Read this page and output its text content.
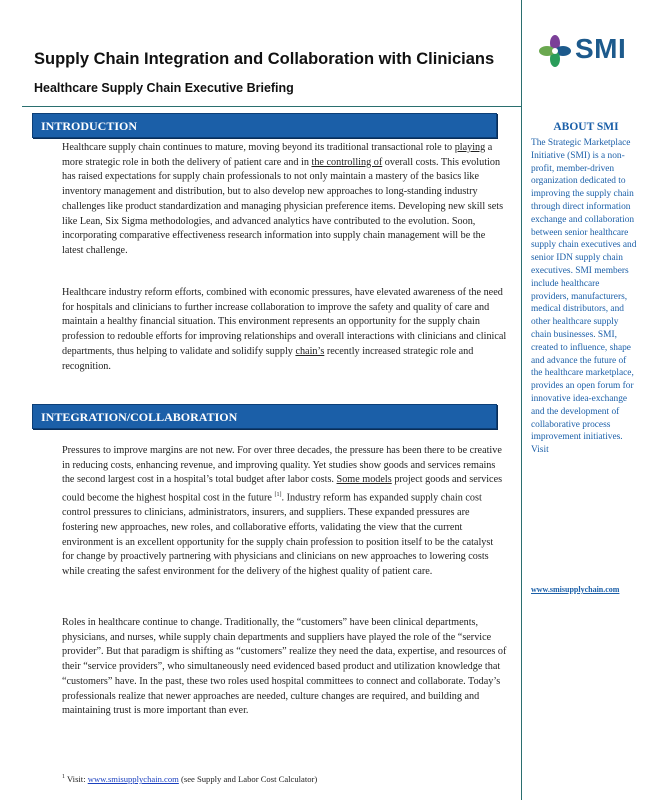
Supply Chain Integration and Collaboration with Clinicians
Healthcare Supply Chain Executive Briefing
SMI
INTRODUCTION
Healthcare supply chain continues to mature, moving beyond its traditional transactional role to playing a more strategic role in both the delivery of patient care and in the controlling of overall costs. This evolution has raised expectations for supply chain professionals to not only maintain a mastery of the basics like inventory management and distribution, but to also develop new approaches to long-standing industry challenges like product standardization and managing physician preference items. Developing new skill sets like Lean, Six Sigma methodologies, and advanced analytics have contributed to the evolution. Soon, incorporating comparative effectiveness research information into supply chain management will be the latest challenge.
Healthcare industry reform efforts, combined with economic pressures, have elevated awareness of the need for hospitals and clinicians to further increase collaboration to improve the safety and quality of care and maintain a healthy financial situation. This environment represents an opportunity for the supply chain profession to redouble efforts for improving relationships and overall interactions with clinicians and clinical departments, thus helping to validate and solidify supply chain’s recently increased strategic role and recognition.
INTEGRATION/COLLABORATION
Pressures to improve margins are not new. For over three decades, the pressure has been there to be creative in reducing costs, enhancing revenue, and improving quality. Yet studies show goods and services remains the second largest cost in a hospital’s total budget after labor costs. Some models project goods and services could become the highest hospital cost in the future [1]. Industry reform has expanded supply chain cost control pressures to clinicians, administrators, insurers, and suppliers. These expanded pressures are fostering new approaches, new roles, and collaborative efforts, validating the view that the current environment is an excellent opportunity for the supply chain profession to position itself to be the catalyst for change by proactively partnering with physicians and clinicians on new approaches to lowering costs while creating the safest environment for the delivery of the highest quality of patient care.
Roles in healthcare continue to change. Traditionally, the “customers” have been clinical departments, physicians, and nurses, while supply chain departments and suppliers have played the role of the “service provider”. But that paradigm is shifting as “customers” realize they need the data, expertise, and resources of their “service providers”, who simultaneously need evidenced based product and utilization knowledge that “customers” have. In the past, these two roles used hospital committees to connect and collaborate. Today’s professionals realize that newer approaches are needed, culture changes are required, and building and maintaining trust is more important than ever.
ABOUT SMI
The Strategic Marketplace Initiative (SMI) is a non-profit, member-driven organization dedicated to improving the supply chain through direct information exchange and collaboration between senior healthcare supply chain executives and senior IDN supply chain executives. SMI members include healthcare providers, manufacturers, medical distributors, and other healthcare supply chain businesses. SMI, created to influence, shape and advance the future of the healthcare marketplace, provides an open forum for innovative idea-exchange and the development of collaborative process improvement initiatives. Visit
www.smisupplychain.com
$^1$ Visit: www.smisupplychain.com (see Supply and Labor Cost Calculator)
